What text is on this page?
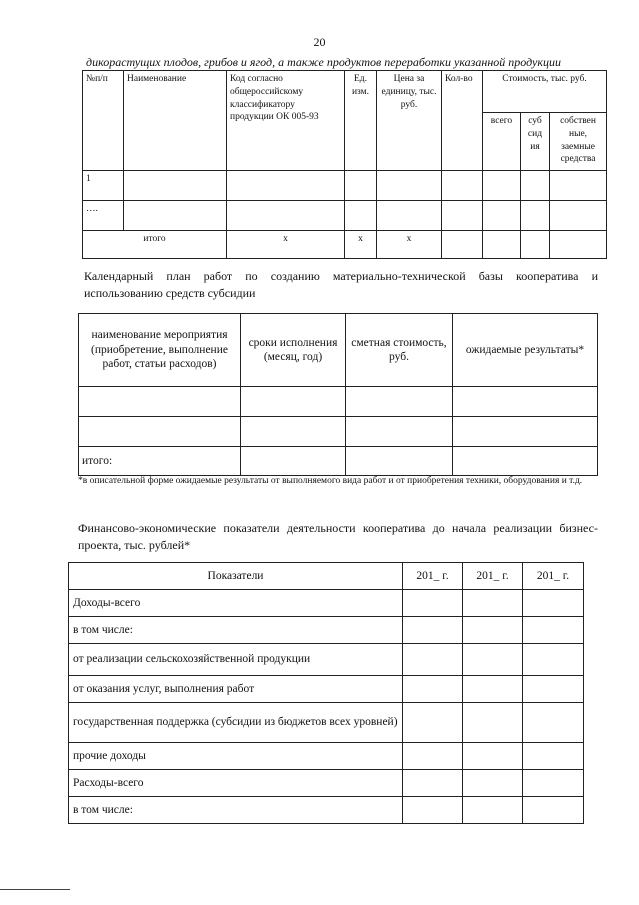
20
дикорастущих плодов, грибов и ягод, а также продуктов переработки указанной продукции
№п/п	Наименование	Код согласно общероссийскому классификатору продукции ОК 005-93	Ед. изм.	Цена за единицу, тыс. руб.	Кол-во	Стоимость, тыс. руб.		
						всего	суб сид ия	собствен ные, заемные средства
1								
….								
итого		х	х	х				
Календарный план работ по созданию материально-технической базы кооператива и использованию средств субсидии
наименование мероприятия (приобретение, выполнение работ, статьи расходов)	сроки исполнения (месяц, год)	сметная стоимость, руб.	ожидаемые результаты*

итого:			
*в описательной форме ожидаемые результаты от выполняемого вида работ и от приобретения техники, оборудования и т.д.
Финансово-экономические показатели деятельности кооператива до начала реализации бизнес-проекта, тыс. рублей*
Показатели	201_ г.	201_ г.	201_ г.
Доходы-всего			
в том числе:			
от реализации сельскохозяйственной продукции			
от оказания услуг, выполнения работ			
государственная поддержка (субсидии из бюджетов всех уровней)			
прочие доходы			
Расходы-всего			
в том числе:			
